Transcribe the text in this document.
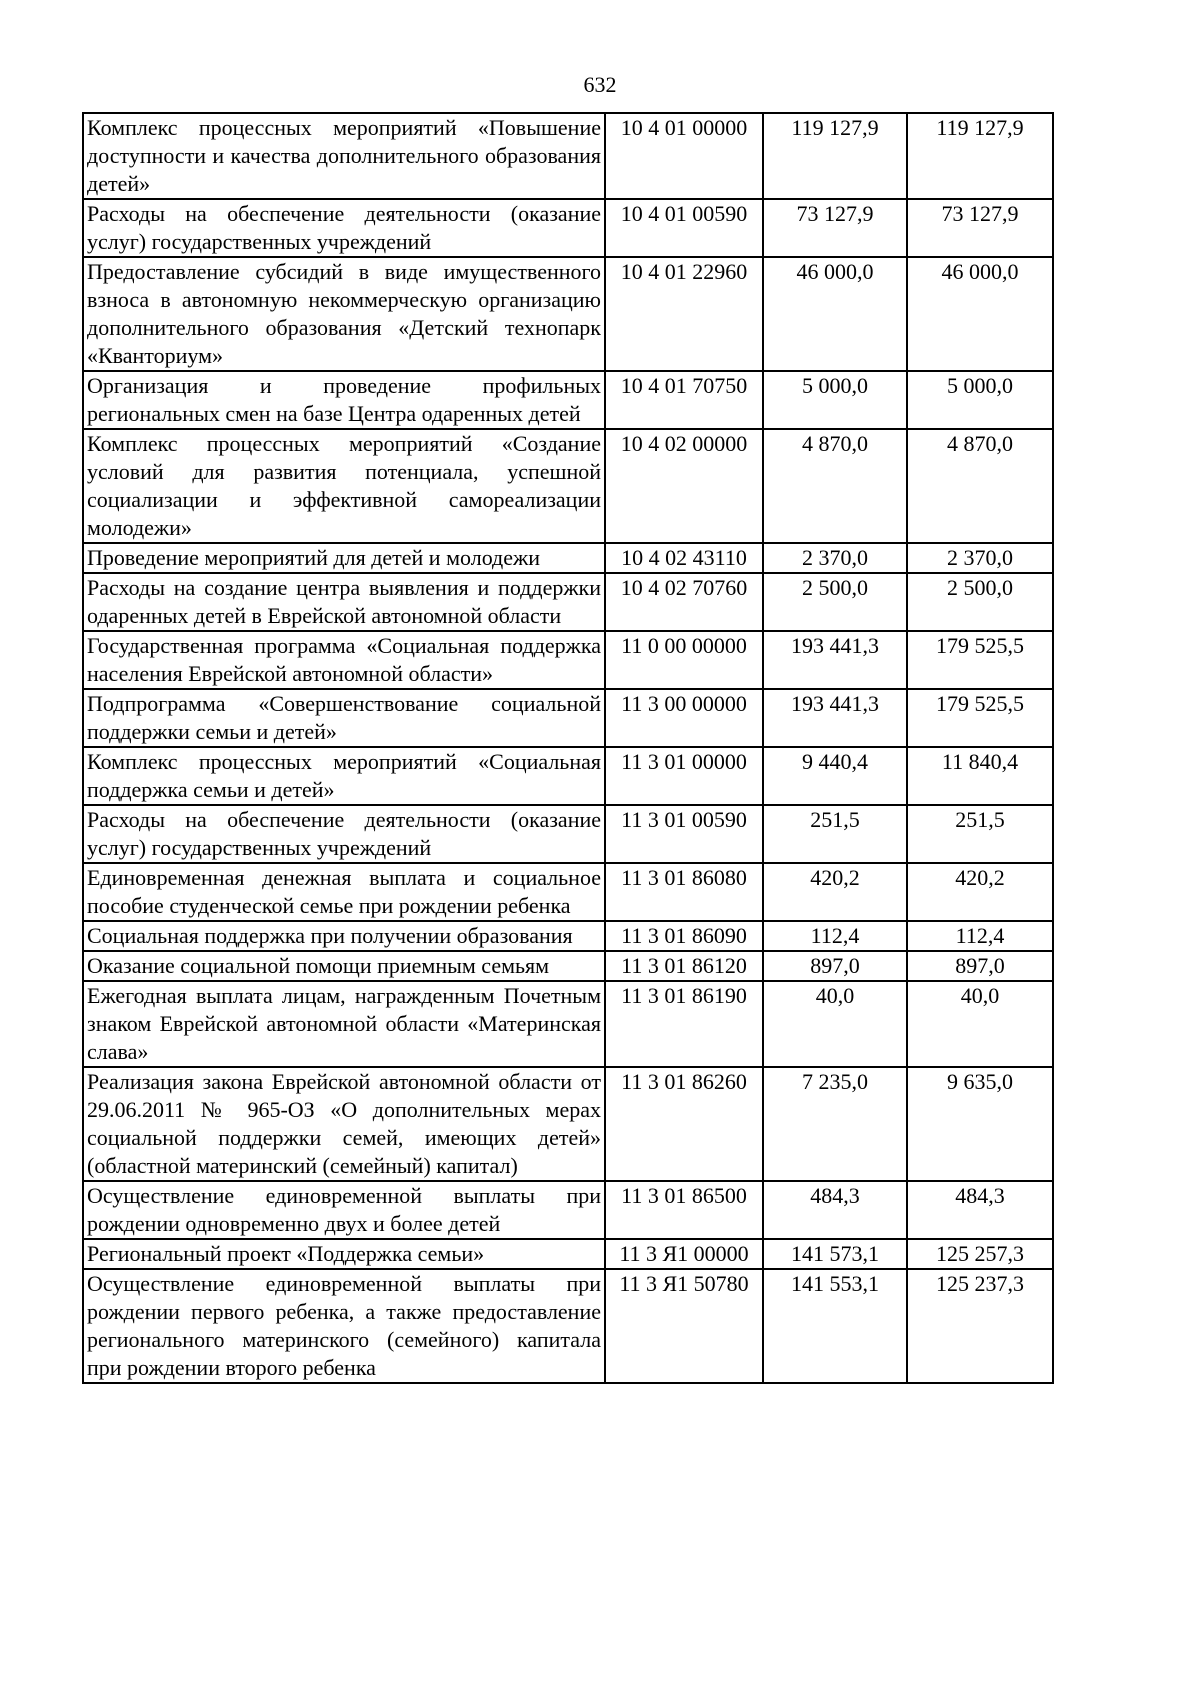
632
Комплекс процессных мероприятий «Повышение доступности и качества дополнительного образования детей»	10 4 01 00000	119 127,9	119 127,9
Расходы на обеспечение деятельности (оказание услуг) государственных учреждений	10 4 01 00590	73 127,9	73 127,9
Предоставление субсидий в виде имущественного взноса в автономную некоммерческую организацию дополнительного образования «Детский технопарк «Кванториум»	10 4 01 22960	46 000,0	46 000,0
Организация и проведение профильных региональных смен на базе Центра одаренных детей	10 4 01 70750	5 000,0	5 000,0
Комплекс процессных мероприятий «Создание условий для развития потенциала, успешной социализации и эффективной самореализации молодежи»	10 4 02 00000	4 870,0	4 870,0
Проведение мероприятий для детей и молодежи	10 4 02 43110	2 370,0	2 370,0
Расходы на создание центра выявления и поддержки одаренных детей в Еврейской автономной области	10 4 02 70760	2 500,0	2 500,0
Государственная программа «Социальная поддержка населения Еврейской автономной области»	11 0 00 00000	193 441,3	179 525,5
Подпрограмма «Совершенствование социальной поддержки семьи и детей»	11 3 00 00000	193 441,3	179 525,5
Комплекс процессных мероприятий «Социальная поддержка семьи и детей»	11 3 01 00000	9 440,4	11 840,4
Расходы на обеспечение деятельности (оказание услуг) государственных учреждений	11 3 01 00590	251,5	251,5
Единовременная денежная выплата и социальное пособие студенческой семье при рождении ребенка	11 3 01 86080	420,2	420,2
Социальная поддержка при получении образования	11 3 01 86090	112,4	112,4
Оказание социальной помощи приемным семьям	11 3 01 86120	897,0	897,0
Ежегодная выплата лицам, награжденным Почетным знаком Еврейской автономной области «Материнская слава»	11 3 01 86190	40,0	40,0
Реализация закона Еврейской автономной области от 29.06.2011 № 965-ОЗ «О дополнительных мерах социальной поддержки семей, имеющих детей» (областной материнский (семейный) капитал)	11 3 01 86260	7 235,0	9 635,0
Осуществление единовременной выплаты при рождении одновременно двух и более детей	11 3 01 86500	484,3	484,3
Региональный проект «Поддержка семьи»	11 3 Я1 00000	141 573,1	125 257,3
Осуществление единовременной выплаты при рождении первого ребенка, а также предоставление регионального материнского (семейного) капитала при рождении второго ребенка	11 3 Я1 50780	141 553,1	125 237,3
